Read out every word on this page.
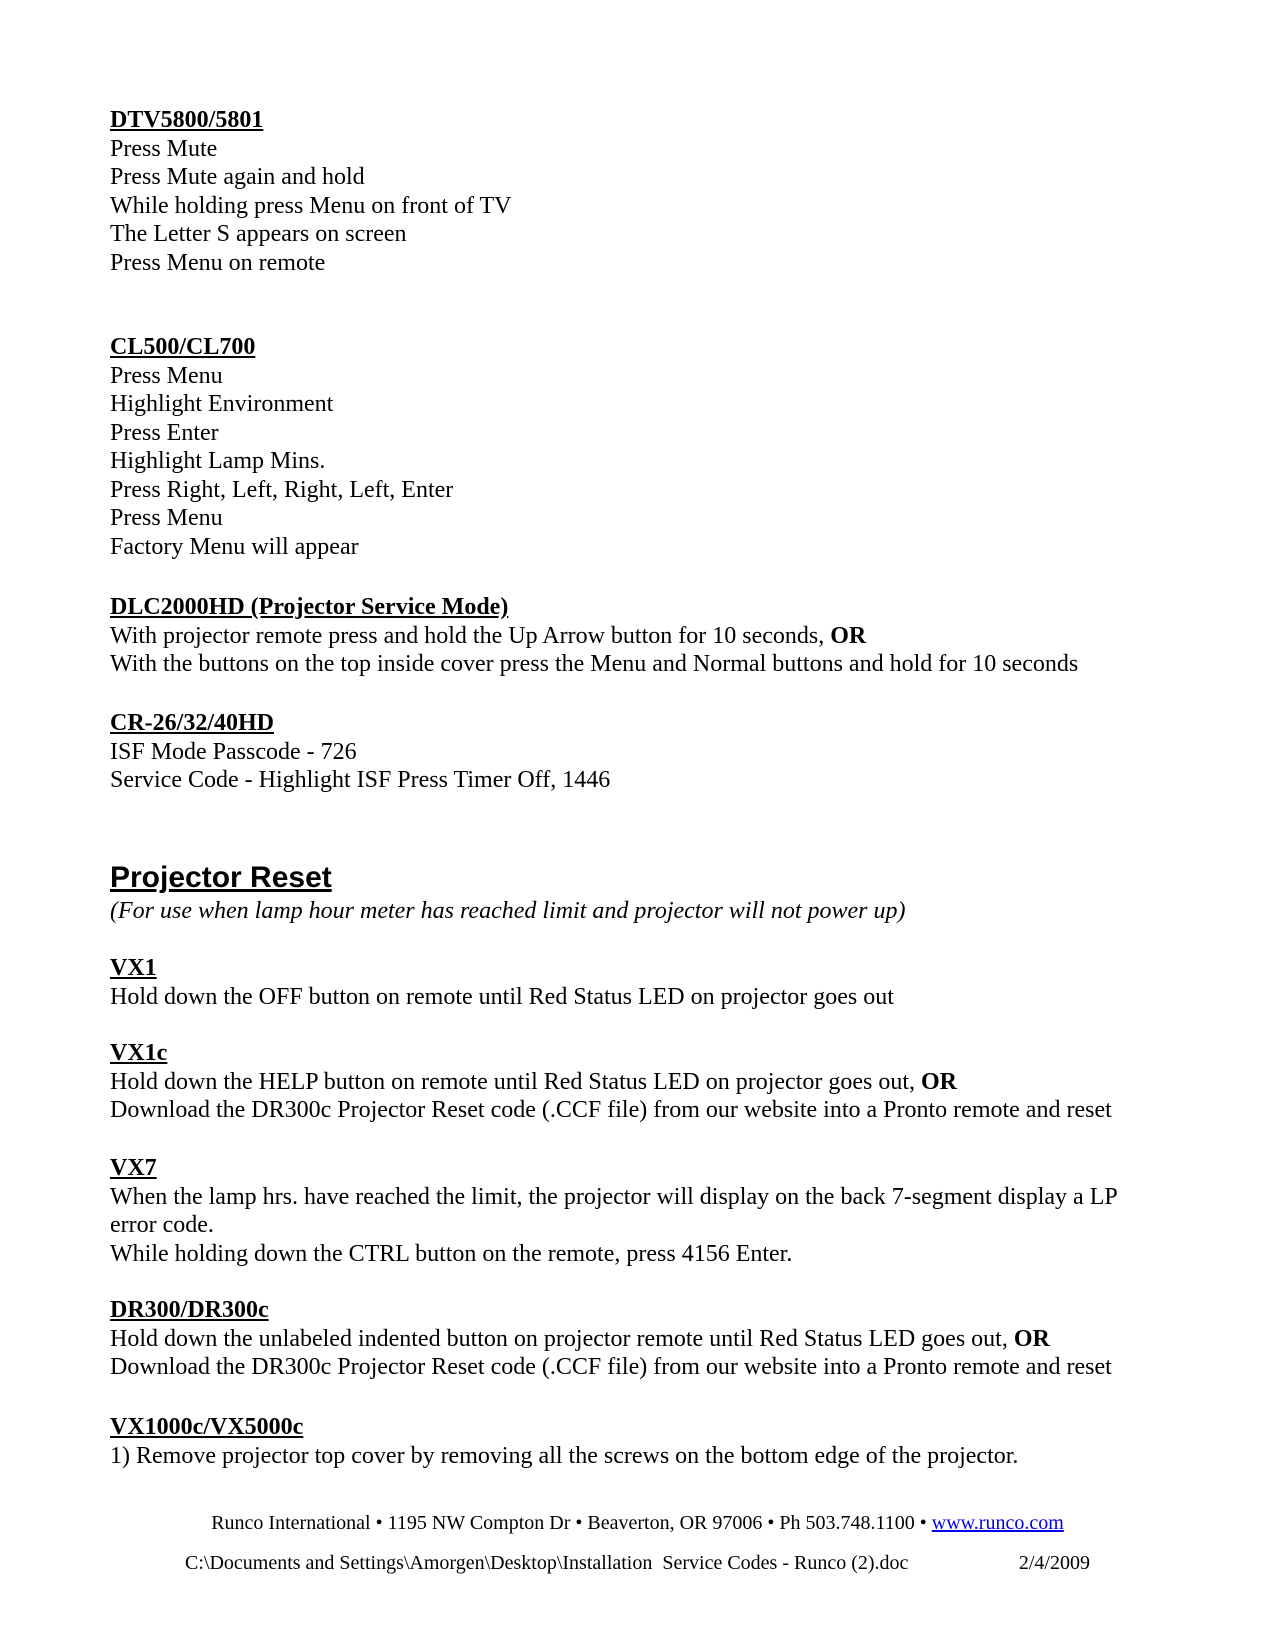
DTV5800/5801
Press Mute
Press Mute again and hold
While holding press Menu on front of TV
The Letter S appears on screen
Press Menu on remote
CL500/CL700
Press Menu
Highlight Environment
Press Enter
Highlight Lamp Mins.
Press Right, Left, Right, Left, Enter
Press Menu
Factory Menu will appear
DLC2000HD (Projector Service Mode)
With projector remote press and hold the Up Arrow button for 10 seconds, OR
With the buttons on the top inside cover press the Menu and Normal buttons and hold for 10 seconds
CR-26/32/40HD
ISF Mode Passcode - 726
Service Code - Highlight ISF Press Timer Off, 1446
Projector Reset
(For use when lamp hour meter has reached limit and projector will not power up)
VX1
Hold down the OFF button on remote until Red Status LED on projector goes out
VX1c
Hold down the HELP button on remote until Red Status LED on projector goes out, OR
Download the DR300c Projector Reset code (.CCF file) from our website into a Pronto remote and reset
VX7
When the lamp hrs. have reached the limit, the projector will display on the back 7-segment display a LP
error code.
While holding down the CTRL button on the remote, press 4156 Enter.
DR300/DR300c
Hold down the unlabeled indented button on projector remote until Red Status LED goes out, OR
Download the DR300c Projector Reset code (.CCF file) from our website into a Pronto remote and reset
VX1000c/VX5000c
1) Remove projector top cover by removing all the screws on the bottom edge of the projector.
Runco International • 1195 NW Compton Dr • Beaverton, OR 97006 • Ph 503.748.1100 • www.runco.com
C:\Documents and Settings\Amorgen\Desktop\Installation  Service Codes - Runco (2).doc	2/4/2009
